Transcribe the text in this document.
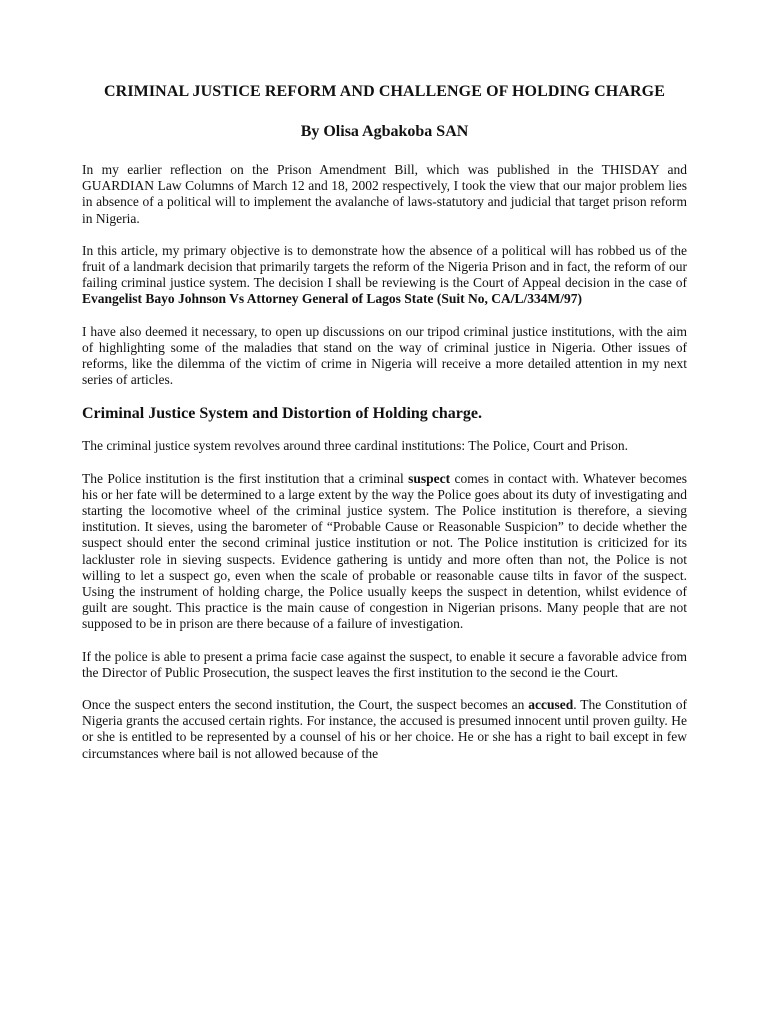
CRIMINAL JUSTICE REFORM AND CHALLENGE OF HOLDING CHARGE
By Olisa Agbakoba SAN

In my earlier reflection on the Prison Amendment Bill, which was published in the THISDAY and GUARDIAN Law Columns of March 12 and 18, 2002 respectively, I took the view that our major problem lies in absence of a political will to implement the avalanche of laws-statutory and judicial that target prison reform in Nigeria.

In this article, my primary objective is to demonstrate how the absence of a political will has robbed us of the fruit of a landmark decision that primarily targets the reform of the Nigeria Prison and in fact, the reform of our failing criminal justice system. The decision I shall be reviewing is the Court of Appeal decision in the case of Evangelist Bayo Johnson Vs Attorney General of Lagos State (Suit No, CA/L/334M/97)

I have also deemed it necessary, to open up discussions on our tripod criminal justice institutions, with the aim of highlighting some of the maladies that stand on the way of criminal justice in Nigeria. Other issues of reforms, like the dilemma of the victim of crime in Nigeria will receive a more detailed attention in my next series of articles.

Criminal Justice System and Distortion of Holding charge.

The criminal justice system revolves around three cardinal institutions: The Police, Court and Prison.

The Police institution is the first institution that a criminal suspect comes in contact with. Whatever becomes his or her fate will be determined to a large extent by the way the Police goes about its duty of investigating and starting the locomotive wheel of the criminal justice system. The Police institution is therefore, a sieving institution. It sieves, using the barometer of “Probable Cause or Reasonable Suspicion” to decide whether the suspect should enter the second criminal justice institution or not. The Police institution is criticized for its lackluster role in sieving suspects. Evidence gathering is untidy and more often than not, the Police is not willing to let a suspect go, even when the scale of probable or reasonable cause tilts in favor of the suspect. Using the instrument of holding charge, the Police usually keeps the suspect in detention, whilst evidence of guilt are sought. This practice is the main cause of congestion in Nigerian prisons. Many people that are not supposed to be in prison are there because of a failure of investigation.

If the police is able to present a prima facie case against the suspect, to enable it secure a favorable advice from the Director of Public Prosecution, the suspect leaves the first institution to the second ie the Court.

Once the suspect enters the second institution, the Court, the suspect becomes an accused. The Constitution of Nigeria grants the accused certain rights. For instance, the accused is presumed innocent until proven guilty. He or she is entitled to be represented by a counsel of his or her choice. He or she has a right to bail except in few circumstances where bail is not allowed because of the
